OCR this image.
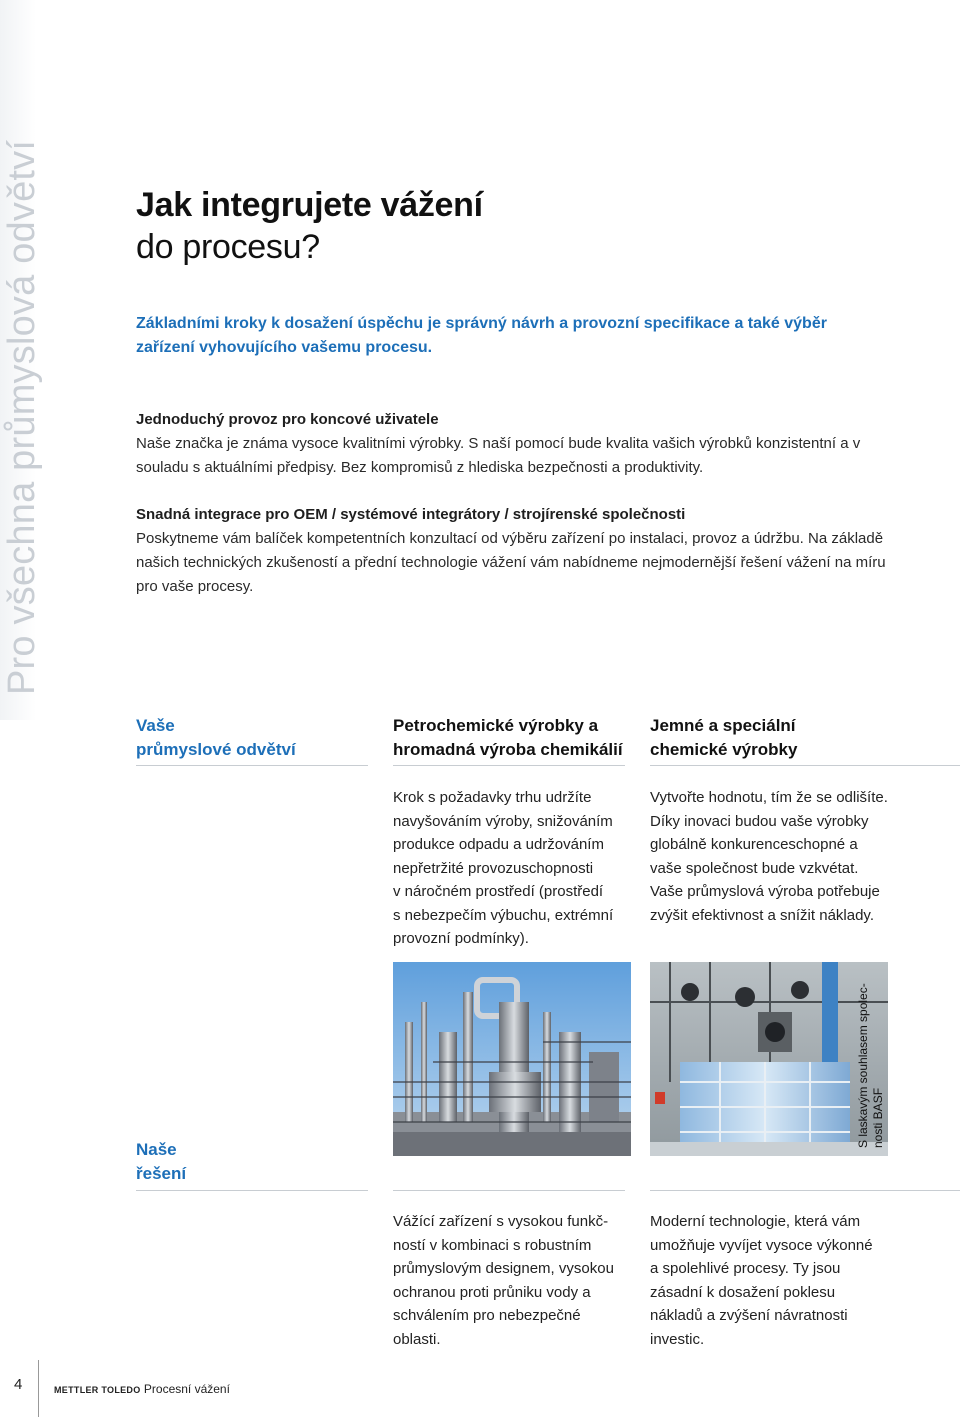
Pro všechna průmyslová odvětví	Jak integrujete vážení
do procesu?
Základními kroky k dosažení úspěchu je správný návrh a provozní specifikace a také výběr zařízení vyhovujícího vašemu procesu.
Jednoduchý provoz pro koncové uživatele
Naše značka je známa vysoce kvalitními výrobky. S naší pomocí bude kvalita vašich výrobků konzistentní a v souladu s aktuálními předpisy. Bez kompromisů z hlediska bezpečnosti a produktivity.
Snadná integrace pro OEM / systémové integrátory / strojírenské společnosti
Poskytneme vám balíček kompetentních konzultací od výběru zařízení po instalaci, provoz a údržbu. Na základě našich technických zkušeností a přední technologie vážení vám nabídneme nejmodernější řešení vážení na míru pro vaše procesy.
Vaše
průmyslové odvětví
Petrochemické výrobky a
hromadná výroba chemikálií
Jemné a speciální
chemické výrobky
Krok s požadavky trhu udržíte
navyšováním výroby, snižováním
produkce odpadu a udržováním
nepřetržité provozuschopnosti
v náročném prostředí (prostředí
s nebezpečím výbuchu, extrémní
provozní podmínky).
Vytvořte hodnotu, tím že se odlišíte.
Díky inovaci budou vaše výrobky
globálně konkurenceschopné a
vaše společnost bude vzkvétat.
Vaše průmyslová výroba potřebuje
zvýšit efektivnost a snížit náklady.
S laskavým souhlasem spolec- nosti BASF
Naše
řešení
Vážící zařízení s vysokou funkč-
ností v kombinaci s robustním
průmyslovým designem, vysokou
ochranou proti průniku vody a
schválením pro nebezpečné
oblasti.
Moderní technologie, která vám
umožňuje vyvíjet vysoce výkonné
a spolehlivé procesy. Ty jsou
zásadní k dosažení poklesu
nákladů a zvýšení návratnosti
investic.
4	METTLER TOLEDO Procesní vážení
